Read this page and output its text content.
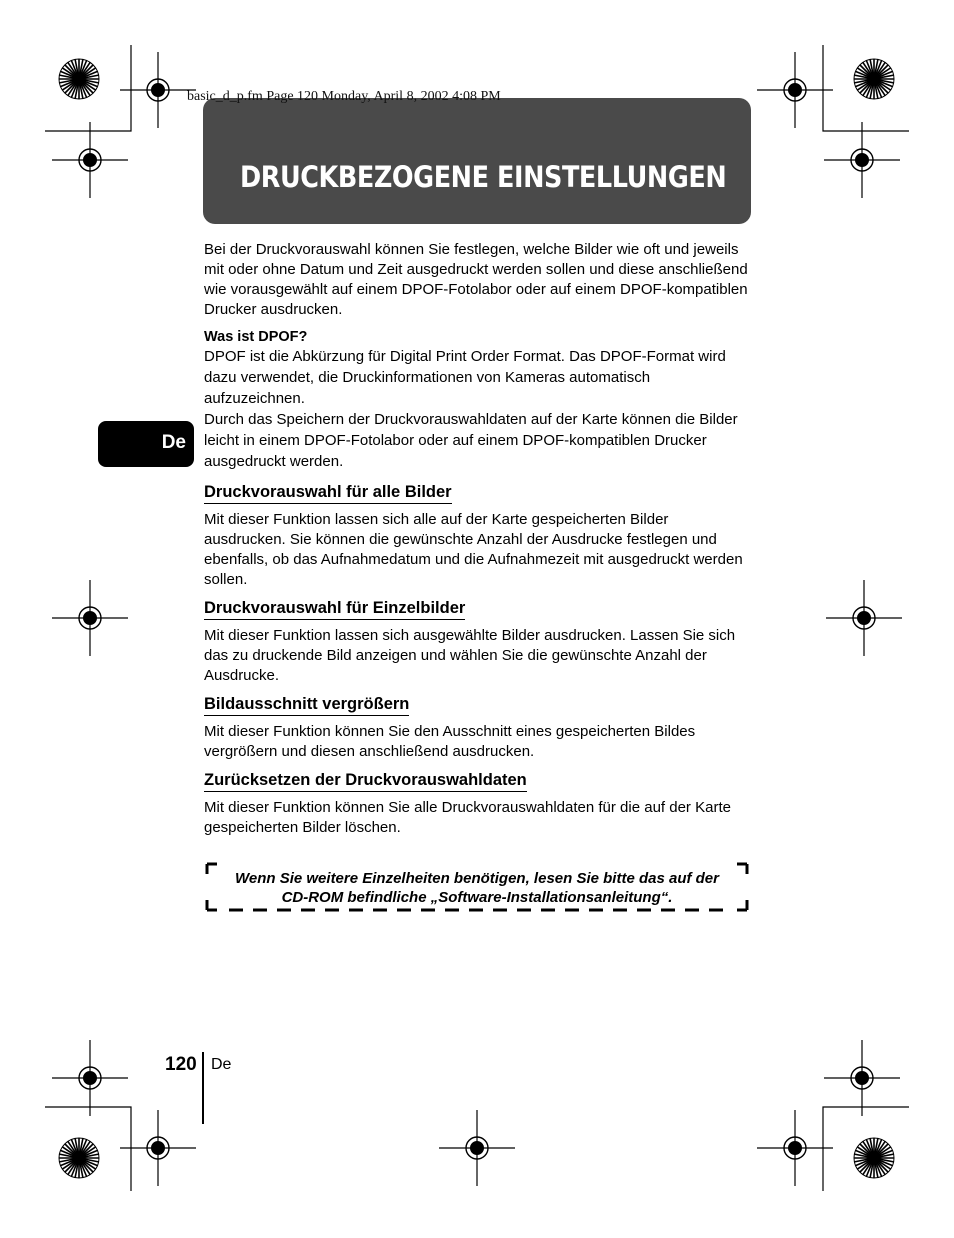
DRUCKBEZOGENE EINSTELLUNGEN
basic_d_p.fm Page 120 Monday, April 8, 2002 4:08 PM
De

Bei der Druckvorauswahl können Sie festlegen, welche Bilder wie oft und jeweils mit oder ohne Datum und Zeit ausgedruckt werden sollen und diese anschließend wie vorausgewählt auf einem DPOF-Fotolabor oder auf einem DPOF-kompatiblen Drucker ausdrucken.

Was ist DPOF?

DPOF ist die Abkürzung für Digital Print Order Format. Das DPOF-Format wird dazu verwendet, die Druckinformationen von Kameras automatisch aufzuzeichnen.

Durch das Speichern der Druckvorauswahldaten auf der Karte können die Bilder leicht in einem DPOF-Fotolabor oder auf einem DPOF-kompatiblen Drucker ausgedruckt werden.

Druckvorauswahl für alle Bilder

Mit dieser Funktion lassen sich alle auf der Karte gespeicherten Bilder ausdrucken. Sie können die gewünschte Anzahl der Ausdrucke festlegen und ebenfalls, ob das Aufnahmedatum und die Aufnahmezeit mit ausgedruckt werden sollen.

Druckvorauswahl für Einzelbilder

Mit dieser Funktion lassen sich ausgewählte Bilder ausdrucken. Lassen Sie sich das zu druckende Bild anzeigen und wählen Sie die gewünschte Anzahl der Ausdrucke.

Bildausschnitt vergrößern

Mit dieser Funktion können Sie den Ausschnitt eines gespeicherten Bildes vergrößern und diesen anschließend ausdrucken.

Zurücksetzen der Druckvorauswahldaten

Mit dieser Funktion können Sie alle Druckvorauswahldaten für die auf der Karte gespeicherten Bilder löschen.

Wenn Sie weitere Einzelheiten benötigen, lesen Sie bitte das auf der
CD-ROM befindliche „Software-Installationsanleitung“.
120 De
